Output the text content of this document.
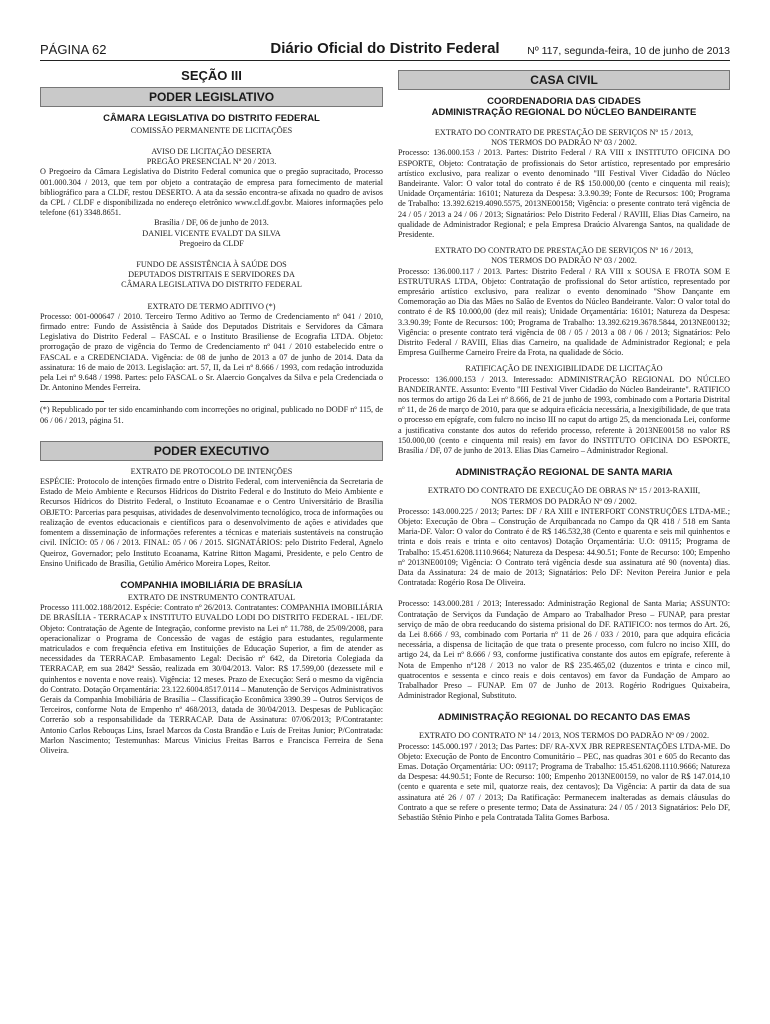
PÁGINA 62	Diário Oficial do Distrito Federal	Nº 117, segunda-feira, 10 de junho de 2013
SEÇÃO III
PODER LEGISLATIVO
CÂMARA LEGISLATIVA DO DISTRITO FEDERAL
COMISSÃO PERMANENTE DE LICITAÇÕES

AVISO DE LICITAÇÃO DESERTA

PREGÃO PRESENCIAL Nº 20 / 2013.

O Pregoeiro da Câmara Legislativa do Distrito Federal comunica que o pregão supracitado, Processo 001.000.304 / 2013, que tem por objeto a contratação de empresa para fornecimento de material bibliográfico para a CLDF, restou DESERTO. A ata da sessão encontra-se afixada no quadro de avisos da CPL / CLDF e disponibilizada no endereço eletrônico www.cl.df.gov.br. Maiores informações pelo telefone (61) 3348.8651.

Brasília / DF, 06 de junho de 2013.

DANIEL VICENTE EVALDT DA SILVA

Pregoeiro da CLDF

FUNDO DE ASSISTÊNCIA À SAÚDE DOS

DEPUTADOS DISTRITAIS E SERVIDORES DA

CÂMARA LEGISLATIVA DO DISTRITO FEDERAL

EXTRATO DE TERMO ADITIVO (*)

Processo: 001-000647 / 2010. Terceiro Termo Aditivo ao Termo de Credenciamento nº 041 / 2010, firmado entre: Fundo de Assistência à Saúde dos Deputados Distritais e Servidores da Câmara Legislativa do Distrito Federal – FASCAL e o Instituto Brasiliense de Ecografia LTDA. Objeto: prorrogação de prazo de vigência do Termo de Credenciamento nº 041 / 2010 estabelecido entre o FASCAL e a CREDENCIADA. Vigência: de 08 de junho de 2013 a 07 de junho de 2014. Data da assinatura: 16 de maio de 2013. Legislação: art. 57, II, da Lei nº 8.666 / 1993, com redação introduzida pela Lei nº 9.648 / 1998. Partes: pelo FASCAL o Sr. Alaercio Gonçalves da Silva e pela Credenciada o Dr. Antonino Mendes Ferreira.

(*) Republicado por ter sido encaminhando com incorreções no original, publicado no DODF nº 115, de 06 / 06 / 2013, página 51.

PODER EXECUTIVO

EXTRATO DE PROTOCOLO DE INTENÇÕES

ESPÉCIE: Protocolo de intenções firmado entre o Distrito Federal, com interveniência da Secretaria de Estado de Meio Ambiente e Recursos Hídricos do Distrito Federal e do Instituto do Meio Ambiente e Recursos Hídricos do Distrito Federal, o Instituto Ecoanamae e o Centro Universitário de Brasília OBJETO: Parcerias para pesquisas, atividades de desenvolvimento tecnológico, troca de informações ou realização de eventos educacionais e científicos para o desenvolvimento de ações e atividades que fomentem a disseminação de informações referentes a técnicas e materiais sustentáveis na construção civil. INÍCIO: 05 / 06 / 2013. FINAL: 05 / 06 / 2015. SIGNATÁRIOS: pelo Distrito Federal, Agnelo Queiroz, Governador; pelo Instituto Ecoanama, Katrine Ritton Magami, Presidente, e pelo Centro de Ensino Unificado de Brasília, Getúlio Américo Moreira Lopes, Reitor.

COMPANHIA IMOBILIÁRIA DE BRASÍLIA

EXTRATO DE INSTRUMENTO CONTRATUAL

Processo 111.002.188/2012. Espécie: Contrato nº 26/2013. Contratantes: COMPANHIA IMOBILIÁRIA DE BRASÍLIA - TERRACAP x INSTITUTO EUVALDO LODI DO DISTRITO FEDERAL - IEL/DF. Objeto: Contratação de Agente de Integração, conforme previsto na Lei nº 11.788, de 25/09/2008, para operacionalizar o Programa de Concessão de vagas de estágio para estudantes, regularmente matriculados e com frequência efetiva em Instituições de Educação Superior, a fim de atender as necessidades da TERRACAP. Embasamento Legal: Decisão nº 642, da Diretoria Colegiada da TERRACAP, em sua 2842ª Sessão, realizada em 30/04/2013. Valor: R$ 17.599,00 (dezessete mil e quinhentos e noventa e nove reais). Vigência: 12 meses. Prazo de Execução: Será o mesmo da vigência do Contrato. Dotação Orçamentária: 23.122.6004.8517.0114 – Manutenção de Serviços Administrativos Gerais da Companhia Imobiliária de Brasília – Classificação Econômica 3390.39 – Outros Serviços de Terceiros, conforme Nota de Empenho nº 468/2013, datada de 30/04/2013. Despesas de Publicação: Correrão sob a responsabilidade da TERRACAP. Data de Assinatura: 07/06/2013; P/Contratante: Antonio Carlos Rebouças Lins, Israel Marcos da Costa Brandão e Luís de Freitas Junior; P/Contratada: Marlon Nascimento; Testemunhas: Marcus Vinicius Freitas Barros e Francisca Ferreira de Sena Oliveira.

CASA CIVIL
COORDENADORIA DAS CIDADES
ADMINISTRAÇÃO REGIONAL DO NÚCLEO BANDEIRANTE

EXTRATO DO CONTRATO DE PRESTAÇÃO DE SERVIÇOS Nº 15 / 2013,

NOS TERMOS DO PADRÃO Nº 03 / 2002.

Processo: 136.000.153 / 2013. Partes: Distrito Federal / RA VIII x INSTITUTO OFICINA DO ESPORTE, Objeto: Contratação de profissionais do Setor artístico, representado por empresário artístico exclusivo, para realizar o evento denominado "III Festival Viver Cidadão do Núcleo Bandeirante. Valor: O valor total do contrato é de R$ 150.000,00 (cento e cinquenta mil reais); Unidade Orçamentária: 16101; Natureza da Despesa: 3.3.90.39; Fonte de Recursos: 100; Programa de Trabalho: 13.392.6219.4090.5575, 2013NE00158; Vigência: o presente contrato terá vigência de 24 / 05 / 2013 a 24 / 06 / 2013; Signatários: Pelo Distrito Federal / RAVIII, Elias Dias Carneiro, na qualidade de Administrador Regional; e pela Empresa Draúcio Alvarenga Santos, na qualidade de Presidente.

EXTRATO DO CONTRATO DE PRESTAÇÃO DE SERVIÇOS Nº 16 / 2013,

NOS TERMOS DO PADRÃO Nº 03 / 2002.

Processo: 136.000.117 / 2013. Partes: Distrito Federal / RA VIII x SOUSA E FROTA SOM E ESTRUTURAS LTDA, Objeto: Contratação de profissional do Setor artístico, representado por empresário artístico exclusivo, para realizar o evento denominado "Show Dançante em Comemoração ao Dia das Mães no Salão de Eventos do Núcleo Bandeirante. Valor: O valor total do contrato é de R$ 10.000,00 (dez mil reais); Unidade Orçamentária: 16101; Natureza da Despesa: 3.3.90.39; Fonte de Recursos: 100; Programa de Trabalho: 13.392.6219.3678.5844, 2013NE00132; Vigência: o presente contrato terá vigência de 08 / 05 / 2013 a 08 / 06 / 2013; Signatários: Pelo Distrito Federal / RAVIII, Elias dias Carneiro, na qualidade de Administrador Regional; e pela Empresa Guilherme Carneiro Freire da Frota, na qualidade de Sócio.

RATIFICAÇÃO DE INEXIGIBILIDADE DE LICITAÇÃO

Processo: 136.000.153 / 2013. Interessado: ADMINISTRAÇÃO REGIONAL DO NÚCLEO BANDEIRANTE. Assunto: Evento "III Festival Viver Cidadão do Núcleo Bandeirante". RATIFICO nos termos do artigo 26 da Lei nº 8.666, de 21 de junho de 1993, combinado com a Portaria Distrital nº 11, de 26 de março de 2010, para que se adquira eficácia necessária, a Inexigibilidade, de que trata o processo em epígrafe, com fulcro no inciso III no caput do artigo 25, da mencionada Lei, conforme a justificativa constante dos autos do referido processo, referente à 2013NE00158 no valor R$ 150.000,00 (cento e cinquenta mil reais) em favor do INSTITUTO OFICINA DO ESPORTE, Brasília / DF, 07 de junho de 2013. Elias Dias Carneiro – Administrador Regional.

ADMINISTRAÇÃO REGIONAL DE SANTA MARIA

EXTRATO DO CONTRATO DE EXECUÇÃO DE OBRAS Nº 15 / 2013-RAXIII,

NOS TERMOS DO PADRÃO Nº 09 / 2002.

Processo: 143.000.225 / 2013; Partes: DF / RA XIII e INTERFORT CONSTRUÇÕES LTDA-ME.; Objeto: Execução de Obra – Construção de Arquibancada no Campo da QR 418 / 518 em Santa Maria-DF. Valor: O valor do Contrato é de R$ 146.532,38 (Cento e quarenta e seis mil quinhentos e trinta e dois reais e trinta e oito centavos) Dotação Orçamentária: U.O: 09115; Programa de Trabalho: 15.451.6208.1110.9664; Natureza da Despesa: 44.90.51; Fonte de Recurso: 100; Empenho nº 2013NE00109; Vigência: O Contrato terá vigência desde sua assinatura até 90 (noventa) dias. Data da Assinatura: 24 de maio de 2013; Signatários: Pelo DF: Neviton Pereira Junior e pela Contratada: Rogério Rosa De Oliveira.

Processo: 143.000.281 / 2013; Interessado: Administração Regional de Santa Maria; ASSUNTO: Contratação de Serviços da Fundação de Amparo ao Trabalhador Preso – FUNAP, para prestar serviço de mão de obra reeducando do sistema prisional do DF. RATIFICO: nos termos do Art. 26, da Lei 8.666 / 93, combinado com Portaria nº 11 de 26 / 033 / 2010, para que adquira eficácia necessária, a dispensa de licitação de que trata o presente processo, com fulcro no inciso XIII, do artigo 24, da Lei nº 8.666 / 93, conforme justificativa constante dos autos em epígrafe, referente à Nota de Empenho nº128 / 2013 no valor de R$ 235.465,02 (duzentos e trinta e cinco mil, quatrocentos e sessenta e cinco reais e dois centavos) em favor da Fundação de Amparo ao Trabalhador Preso – FUNAP. Em 07 de Junho de 2013. Rogério Rodrigues Quixabeira, Administrador Regional, Substituto.

ADMINISTRAÇÃO REGIONAL DO RECANTO DAS EMAS

EXTRATO DO CONTRATO Nº 14 / 2013, NOS TERMOS DO PADRÃO Nº 09 / 2002.

Processo: 145.000.197 / 2013; Das Partes: DF/ RA-XVX JBR REPRESENTAÇÕES LTDA-ME. Do Objeto: Execução de Ponto de Encontro Comunitário – PEC, nas quadras 301 e 605 do Recanto das Emas. Dotação Orçamentária: UO: 09117; Programa de Trabalho: 15.451.6208.1110.9666; Natureza da Despesa: 44.90.51; Fonte de Recurso: 100; Empenho 2013NE00159, no valor de R$ 147.014,10 (cento e quarenta e sete mil, quatorze reais, dez centavos); Da Vigência: A partir da data de sua assinatura até 26 / 07 / 2013; Da Ratificação: Permanecem inalteradas as demais cláusulas do Contrato a que se refere o presente termo; Data de Assinatura: 24 / 05 / 2013 Signatários: Pelo DF, Sebastião Stênio Pinho e pela Contratada Talita Gomes Barbosa.
